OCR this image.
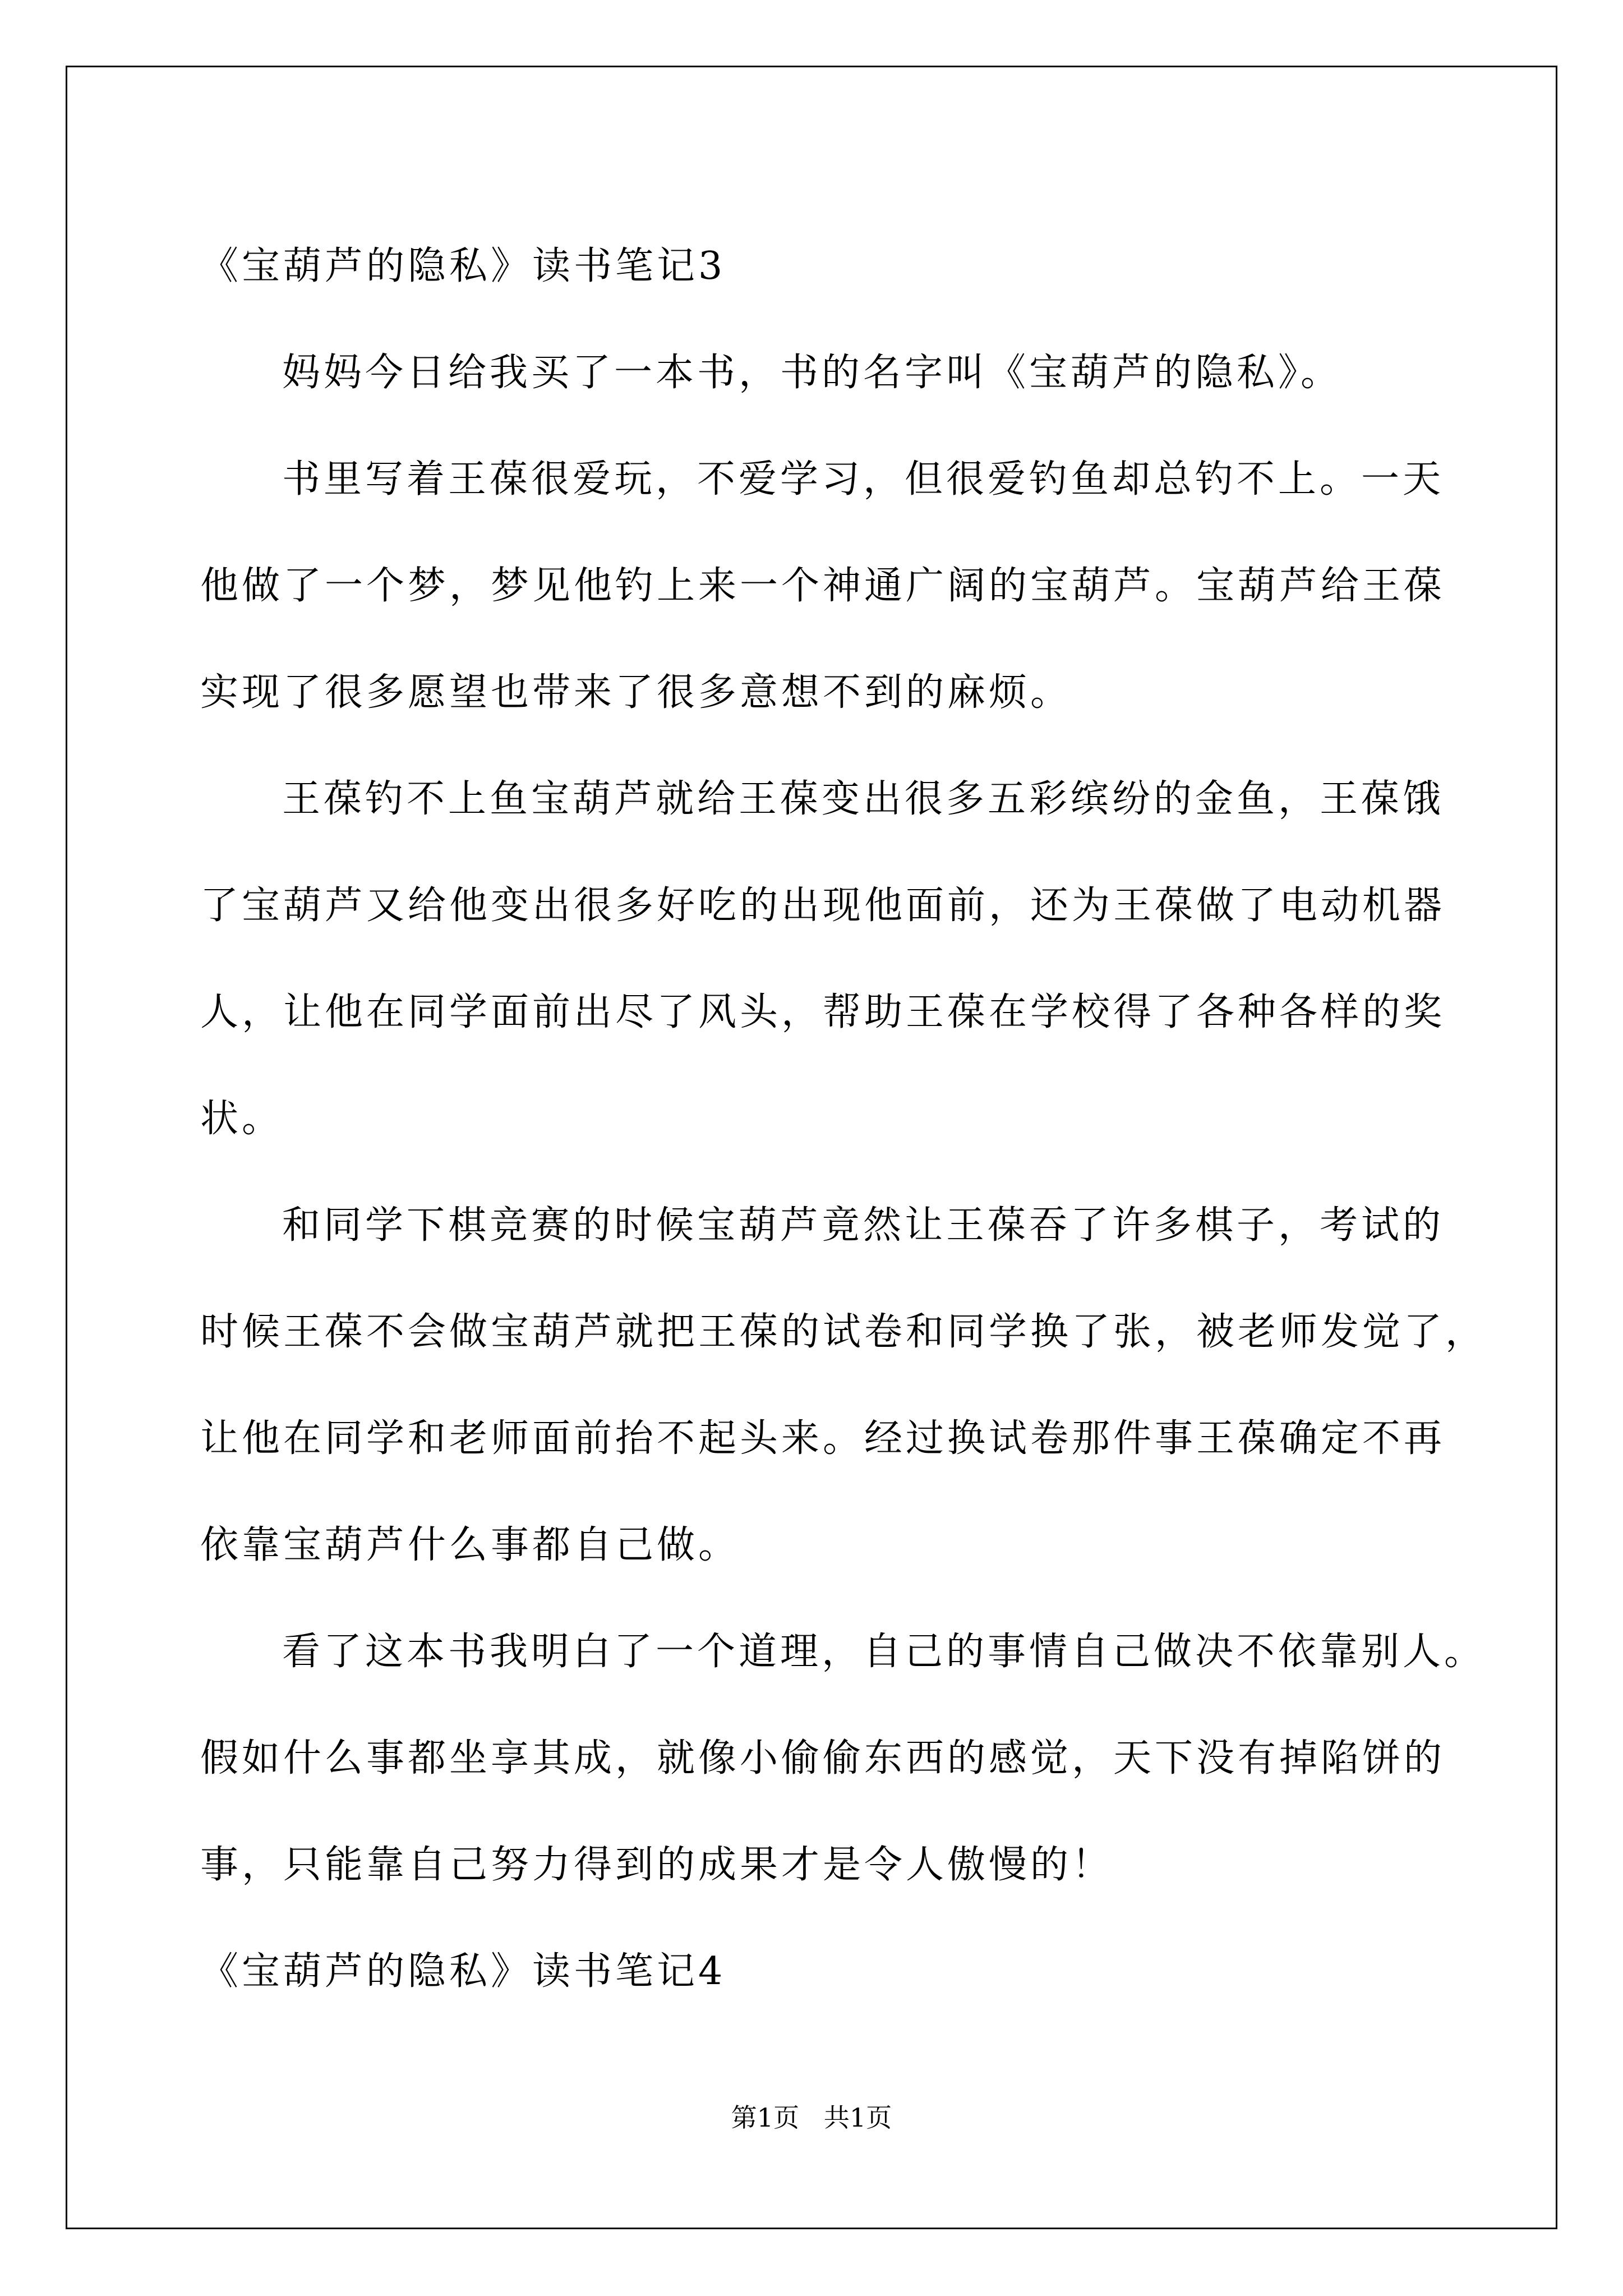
《宝葫芦的隐私》读书笔记3
妈妈今日给我买了一本书，书的名字叫《宝葫芦的隐私》。
书里写着王葆很爱玩，不爱学习，但很爱钓鱼却总钓不上。一天
他做了一个梦，梦见他钓上来一个神通广阔的宝葫芦。宝葫芦给王葆
实现了很多愿望也带来了很多意想不到的麻烦。
王葆钓不上鱼宝葫芦就给王葆变出很多五彩缤纷的金鱼，王葆饿
了宝葫芦又给他变出很多好吃的出现他面前，还为王葆做了电动机器
人，让他在同学面前出尽了风头，帮助王葆在学校得了各种各样的奖
状。
和同学下棋竞赛的时候宝葫芦竟然让王葆吞了许多棋子，考试的
时候王葆不会做宝葫芦就把王葆的试卷和同学换了张，被老师发觉了，
让他在同学和老师面前抬不起头来。经过换试卷那件事王葆确定不再
依靠宝葫芦什么事都自己做。
看了这本书我明白了一个道理，自己的事情自己做决不依靠别人。
假如什么事都坐享其成，就像小偷偷东西的感觉，天下没有掉陷饼的
事，只能靠自己努力得到的成果才是令人傲慢的！
《宝葫芦的隐私》读书笔记4
第1页   共1页
